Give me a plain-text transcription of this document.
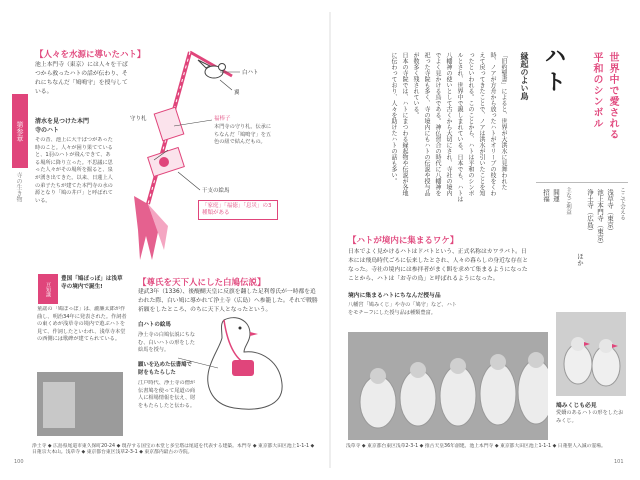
第参章
寺の生き物
【人々を水源に導いたハト】
池上本門寺（東京）には人々を干ばつから救ったハトの話が伝わり、それにちなんだ「鳩鳴守」を授与している。
白ハト
翼
守り札	福棒子
本門寺の守り札。伝承にちなんだ「鳩鳴守」を五色の紐で結んだもの。
干支の絵馬
「家庭」「福徳」「息災」の3種類がある
清水を見つけた本門寺のハト
その昔、池上に大干ばつがあった時のこと。人々が困り果てていると、1羽のハトが飛んできて、ある場所に降り立った。不思議に思った人々がその場所を掘ると、泉が湧き出てきた。以来、日蓮上人の弟子たちが建てた本門寺の水の源となり「鳩の井戸」と呼ばれている。
豆知識
豊国「鳩ぽっぽ」は浅草寺の境内で誕生!
童謡の「鳩ぽっぽ」は、瀧廉太郎が作曲し、明治34年に発表された。作詞者の東くめが浅草寺の境内で遊ぶハトを見て、作詞したといわれ、浅草寺本堂の西側には歌碑が建てられている。
【尊氏を天下人にした白鳩伝説】
建武3年（1336）、後醍醐天皇に反旗を翻した足利尊氏が一時都を追われた際、白い鳩に導かれて浄土寺（広島）へ参籠した。それで戦勝祈願をしたところ、のちに天下人となったという。
白ハトの絵馬
浄土寺の白鳩伝説にちなむ、白いハトの形をした絵馬を授与。
願いを込めた伝書鳩で財をもたらした
江戸時代、浄土寺の僧が伝書鳩を使って尾道の商人に相場情報を伝え、財をもたらしたと伝わる。
浄土寺 ◆ 広島県尾道市東久保町20-24 ◆ 現存する国宝の本堂と多宝塔は尾道を代表する建築。本門寺 ◆ 東京都大田区池上1-1-1 ◆ 日蓮宗大本山。浅草寺 ◆ 東京都台東区浅草2-3-1 ◆ 東京都内最古の寺院。
100
世界中で愛される
平和のシンボル
ハト
縁起のよい鳥
「旧約聖書」によると、世界が大洪水に見舞われた
時、ノアが方舟から放ったハトがオリーブの枝をくわ
えて戻ってきたことで、ノアは洪水が引いたことを知
ったといわれる。このことから、ハトは平和のシンボ
ルとされ、世界中で親しまれている。日本でも、ハトは
八幡神の使いとして古くから大切にされ、寺社の境内
でよく見かける鳥である。神仏習合の時代に八幡神を
祀った寺院も多く、寺の境内にもハトの伝説や授与品
が数多く残されている。
日本の寺院では、ハトにまつわる縁起物や伝説が各地
に伝わっており、人々を助けたハトの話も多い。
ここで会える
浅草寺（東京）
池上本門寺（東京）
浄土寺（広島）
ほか
主なご利益
開運
招福
【ハトが境内に集まるワケ】
日本でよく見かけるハトはドバトという、正式名称はカワラバト。日本には飛鳥時代ごろに伝来したとされ、人々の暮らしの身近な存在となった。寺社の境内には参拝者がまく餌を求めて集まるようになったことから、ハトは「お寺の鳥」と呼ばれるようになった。
境内に集まるハトにちなんだ授与品
八幡宮「鳩みくじ」や寺の「鳩守」など、ハトをモチーフにした授与品は種類豊富。
鳩みくじも必見
愛嬌のあるハトの形をしたおみくじ。
浅草寺 ◆ 東京都台東区浅草2-3-1 ◆ 推古天皇36年創建。池上本門寺 ◆ 東京都大田区池上1-1-1 ◆ 日蓮聖人入滅の霊場。
101
